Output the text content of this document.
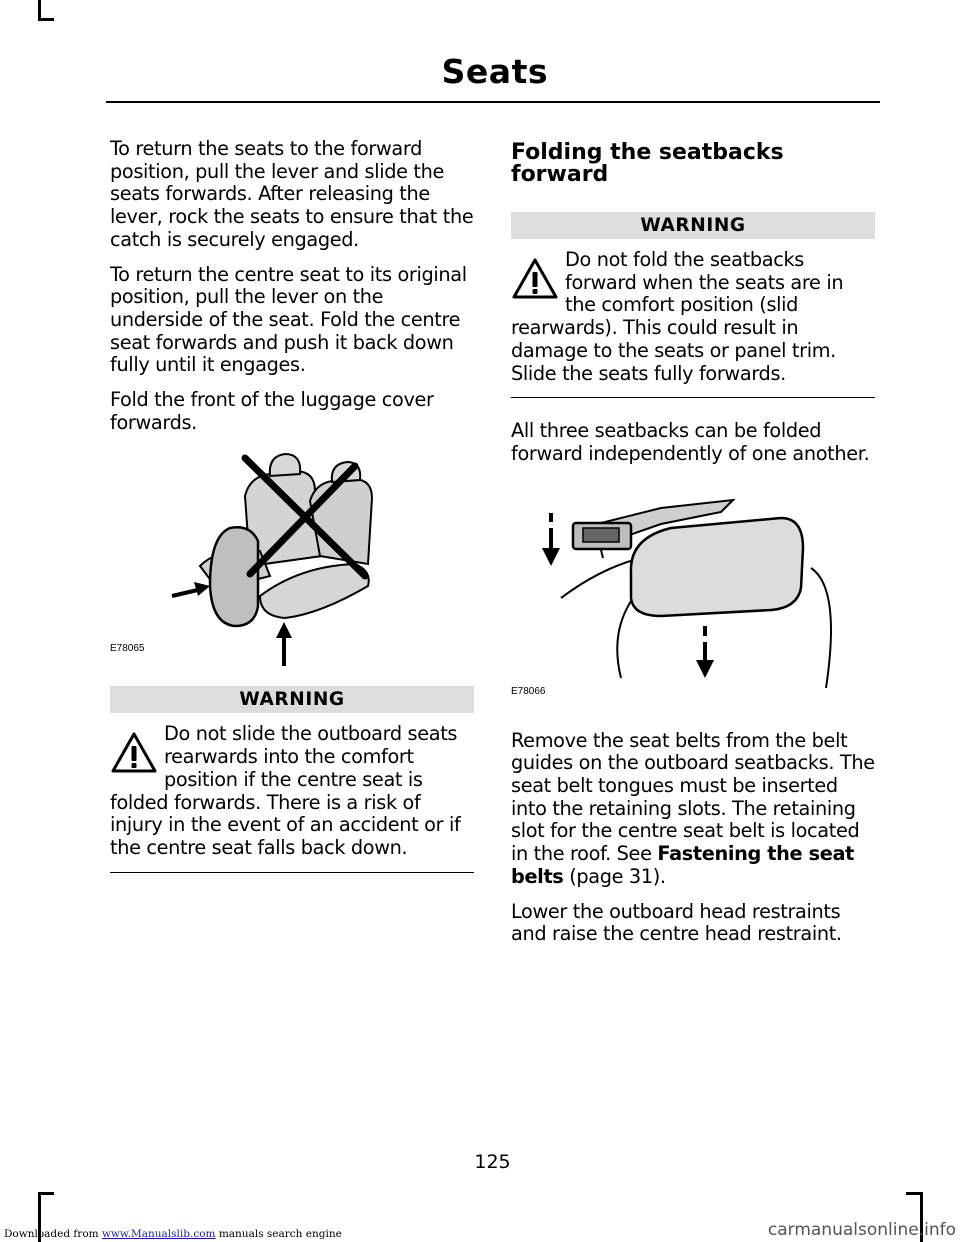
Seats

To return the seats to the forward position, pull the lever and slide the seats forwards. After releasing the lever, rock the seats to ensure that the catch is securely engaged.

To return the centre seat to its original position, pull the lever on the underside of the seat. Fold the centre seat forwards and push it back down fully until it engages.

Fold the front of the luggage cover forwards.

E78065
WARNING

Do not slide the outboard seats rearwards into the comfort position if the centre seat is folded forwards. There is a risk of injury in the event of an accident or if the centre seat falls back down.

Folding the seatbacks forward
WARNING

Do not fold the seatbacks forward when the seats are in the comfort position (slid rearwards). This could result in damage to the seats or panel trim. Slide the seats fully forwards.

All three seatbacks can be folded forward independently of one another.

E78066

Remove the seat belts from the belt guides on the outboard seatbacks. The seat belt tongues must be inserted into the retaining slots. The retaining slot for the centre seat belt is located in the roof. See Fastening the seat belts (page 31).

Lower the outboard head restraints and raise the centre head restraint.

125
Downloaded from www.Manualslib.com manuals search engine	carmanualsonline.info
